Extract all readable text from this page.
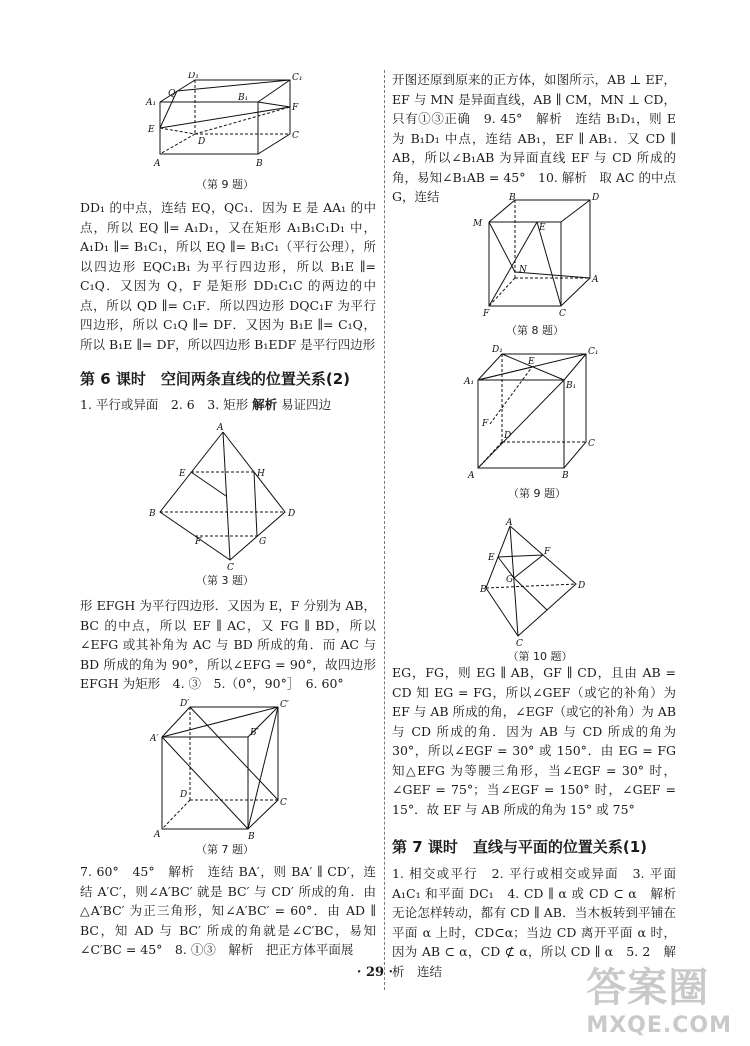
D₁	C₁
A₁
Q	B₁
F
E
D
C
A	B
（第 9 题）

DD₁ 的中点，连结 EQ，QC₁．因为 E 是 AA₁ 的中点，所以 EQ ∥= A₁D₁，又在矩形 A₁B₁C₁D₁ 中，A₁D₁ ∥= B₁C₁，所以 EQ ∥= B₁C₁（平行公理），所以四边形 EQC₁B₁ 为平行四边形，所以 B₁E ∥= C₁Q．又因为 Q，F 是矩形 DD₁C₁C 的两边的中点，所以 QD ∥= C₁F．所以四边形 DQC₁F 为平行四边形，所以 C₁Q ∥= DF．又因为 B₁E ∥= C₁Q，所以 B₁E ∥= DF，所以四边形 B₁EDF 是平行四边形

第 6 课时　空间两条直线的位置关系(2)

1. 平行或异面　2. 6　3. 矩形 解析 易证四边

A
E	H
B	D
F	G
C
（第 3 题）

形 EFGH 为平行四边形．又因为 E，F 分别为 AB，BC 的中点，所以 EF ∥ AC，又 FG ∥ BD，所以∠EFG 或其补角为 AC 与 BD 所成的角．而 AC 与 BD 所成的角为 90°，所以∠EFG = 90°，故四边形 EFGH 为矩形　4. ③　5.（0°，90°］　6. 60°

D′	C′
A′
B′
D
C
A	B
（第 7 题）

7. 60°　45°　解析　连结 BA′，则 BA′ ∥ CD′，连结 A′C′，则∠A′BC′ 就是 BC′ 与 CD′ 所成的角．由△A′BC′ 为正三角形，知∠A′BC′ = 60°．由 AD ∥ BC，知 AD 与 BC′ 所成的角就是∠C′BC，易知∠C′BC = 45°　8. ①③　解析　把正方体平面展

开图还原到原来的正方体，如图所示，AB ⊥ EF，EF 与 MN 是异面直线，AB ∥ CM，MN ⊥ CD，只有①③正确　9. 45°　解析　连结 B₁D₁，则 E 为 B₁D₁ 中点，连结 AB₁，EF ∥ AB₁．又 CD ∥ AB，所以∠B₁AB 为异面直线 EF 与 CD 所成的角，易知∠B₁AB = 45°　10. 解析　取 AC 的中点 G，连结	B	D
M	E
N
A
F	C
（第 8 题）
D₁	C₁
A₁
E
B₁
F
D
C
A	B
（第 9 题）
A
E
F
G
B	D
C
（第 10 题）

EG，FG，则 EG ∥ AB，GF ∥ CD，且由 AB = CD 知 EG = FG，所以∠GEF（或它的补角）为 EF 与 AB 所成的角，∠EGF（或它的补角）为 AB 与 CD 所成的角．因为 AB 与 CD 所成的角为 30°，所以∠EGF = 30° 或 150°．由 EG = FG 知△EFG 为等腰三角形，当∠EGF = 30° 时，∠GEF = 75°；当∠EGF = 150° 时，∠GEF = 15°．故 EF 与 AB 所成的角为 15° 或 75°

第 7 课时　直线与平面的位置关系(1)

1. 相交或平行　2. 平行或相交或异面　3. 平面 A₁C₁ 和平面 DC₁　4. CD ∥ α 或 CD ⊂ α　解析　无论怎样转动，都有 CD ∥ AB．当木板转到平铺在平面 α 上时，CD⊂α；当边 CD 离开平面 α 时，因为 AB ⊂ α，CD ⊄ α，所以 CD ∥ α　5. 2　解析　连结

· 29 ·	答案圈
MXQE.COM
